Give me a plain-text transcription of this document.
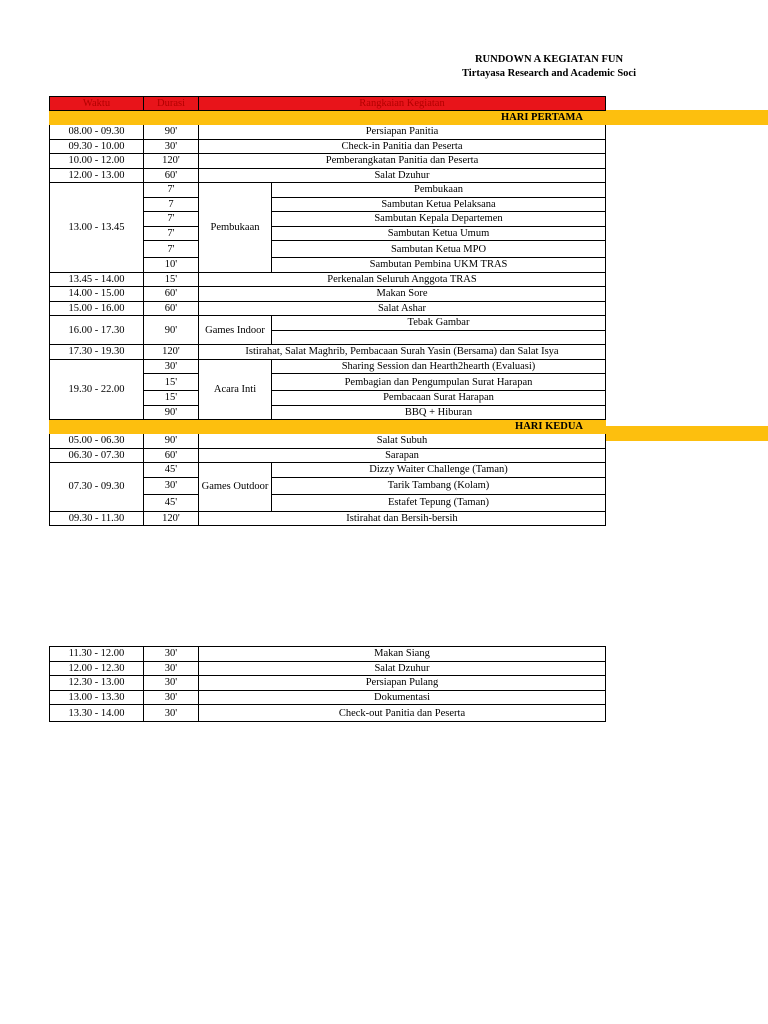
RUNDOWN A KEGIATAN FUN
Tirtayasa Research and Academic Soci
Waktu	Durasi	Rangkaian Kegiatan	
HARI PERTAMA			
08.00 - 09.30	90'	Persiapan Panitia	
09.30 - 10.00	30'	Check-in Panitia dan Peserta	
10.00 - 12.00	120'	Pemberangkatan Panitia dan Peserta	
12.00 - 13.00	60'	Salat Dzuhur	
13.00 - 13.45	7'	Pembukaan	Pembukaan
	7		Sambutan Ketua Pelaksana
	7'		Sambutan Kepala Departemen
	7'		Sambutan Ketua Umum
	7'		Sambutan Ketua MPO
	10'		Sambutan Pembina UKM TRAS
13.45 - 14.00	15'	Perkenalan Seluruh Anggota TRAS	
14.00 - 15.00	60'	Makan Sore	
15.00 - 16.00	60'	Salat Ashar	
16.00 - 17.30	90'	Games Indoor	Tebak Gambar

17.30 - 19.30	120'	Istirahat, Salat Maghrib, Pembacaan Surah Yasin (Bersama) dan Salat Isya	
19.30 - 22.00	30'	Acara Inti	Sharing Session dan Hearth2hearth (Evaluasi)
	15'		Pembagian dan Pengumpulan Surat Harapan
	15'		Pembacaan Surat Harapan
	90'		BBQ + Hiburan
HARI KEDUA			
05.00 - 06.30	90'	Salat Subuh	
06.30 - 07.30	60'	Sarapan	
07.30 - 09.30	45'	Games Outdoor	Dizzy Waiter Challenge (Taman)
	30'		Tarik Tambang (Kolam)
	45'		Estafet Tepung (Taman)
09.30 - 11.30	120'	Istirahat dan Bersih-bersih	
11.30 - 12.00	30'	Makan Siang
12.00 - 12.30	30'	Salat Dzuhur
12.30 - 13.00	30'	Persiapan Pulang
13.00 - 13.30	30'	Dokumentasi
13.30 - 14.00	30'	Check-out Panitia dan Peserta
